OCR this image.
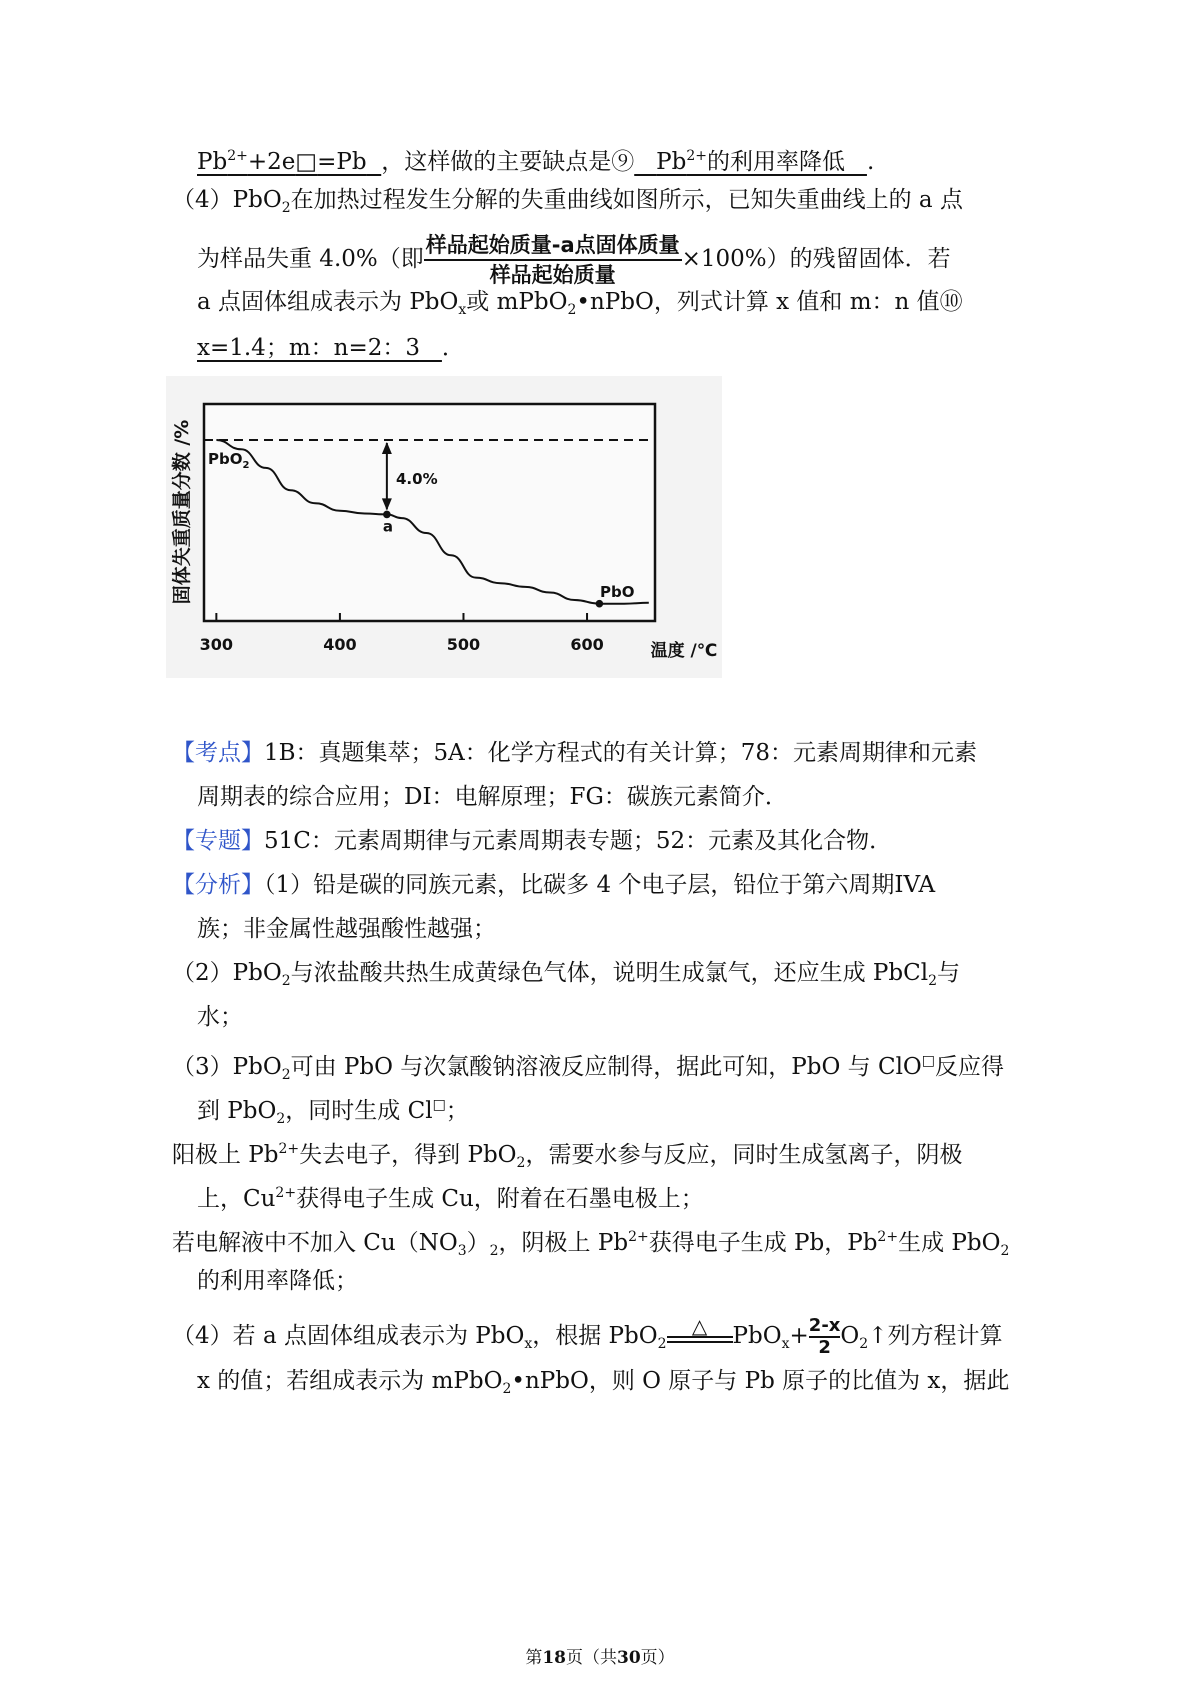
$Pb^{2+}+2e□=Pb$ ，这样做的主要缺点是⑨ $Pb^{2+}$的利用率降低 .
（4）PbO$_2$在加热过程发生分解的失重曲线如图所示，已知失重曲线上的 a 点
为样品失重 4.0%（即 $\frac{\text{样品起始质量-a点固体质量}}{\text{样品起始质量}} \times 100\%$）的残留固体．若
a 点固体组成表示为 PbO$_x$或 mPbO$_2$•nPbO，列式计算 x 值和 m：n 值⑩
x=1.4；m：n=2：3 ．
a
300	400	500	600
PbO$_2$
4.0%
PbO
温度 /℃
固体失重质量分数 /%
【考点】1B：真题集萃；5A：化学方程式的有关计算；78：元素周期律和元素
周期表的综合应用；DI：电解原理；FG：碳族元素简介．
【专题】51C：元素周期律与元素周期表专题；52：元素及其化合物．
【分析】（1）铅是碳的同族元素，比碳多 4 个电子层，铅位于第六周期IVA
族；非金属性越强酸性越强；
（2）PbO$_2$与浓盐酸共热生成黄绿色气体，说明生成氯气，还应生成 PbCl$_2$与
水；
（3）PbO$_2$可由 PbO 与次氯酸钠溶液反应制得，据此可知，PbO 与 ClO□反应得
到 PbO$_2$，同时生成 Cl□；
阳极上 $Pb^{2+}$失去电子，得到 PbO$_2$，需要水参与反应，同时生成氢离子，阴极
上，$Cu^{2+}$获得电子生成 Cu，附着在石墨电极上；
若电解液中不加入 $Cu(NO_3)_2$，阴极上 $Pb^{2+}$获得电子生成 Pb，$Pb^{2+}$生成 PbO$_2$
的利用率降低；
（4）若 a 点固体组成表示为 PbO$_x$，根据 PbO$_2$
△	$PbO_x+ \frac{2-x}{2}O_2↑$列方程计算
x 的值；若组成表示为 mPbO$_2$•nPbO，则 O 原子与 Pb 原子的比值为 x，据此
第18页（共30页）
